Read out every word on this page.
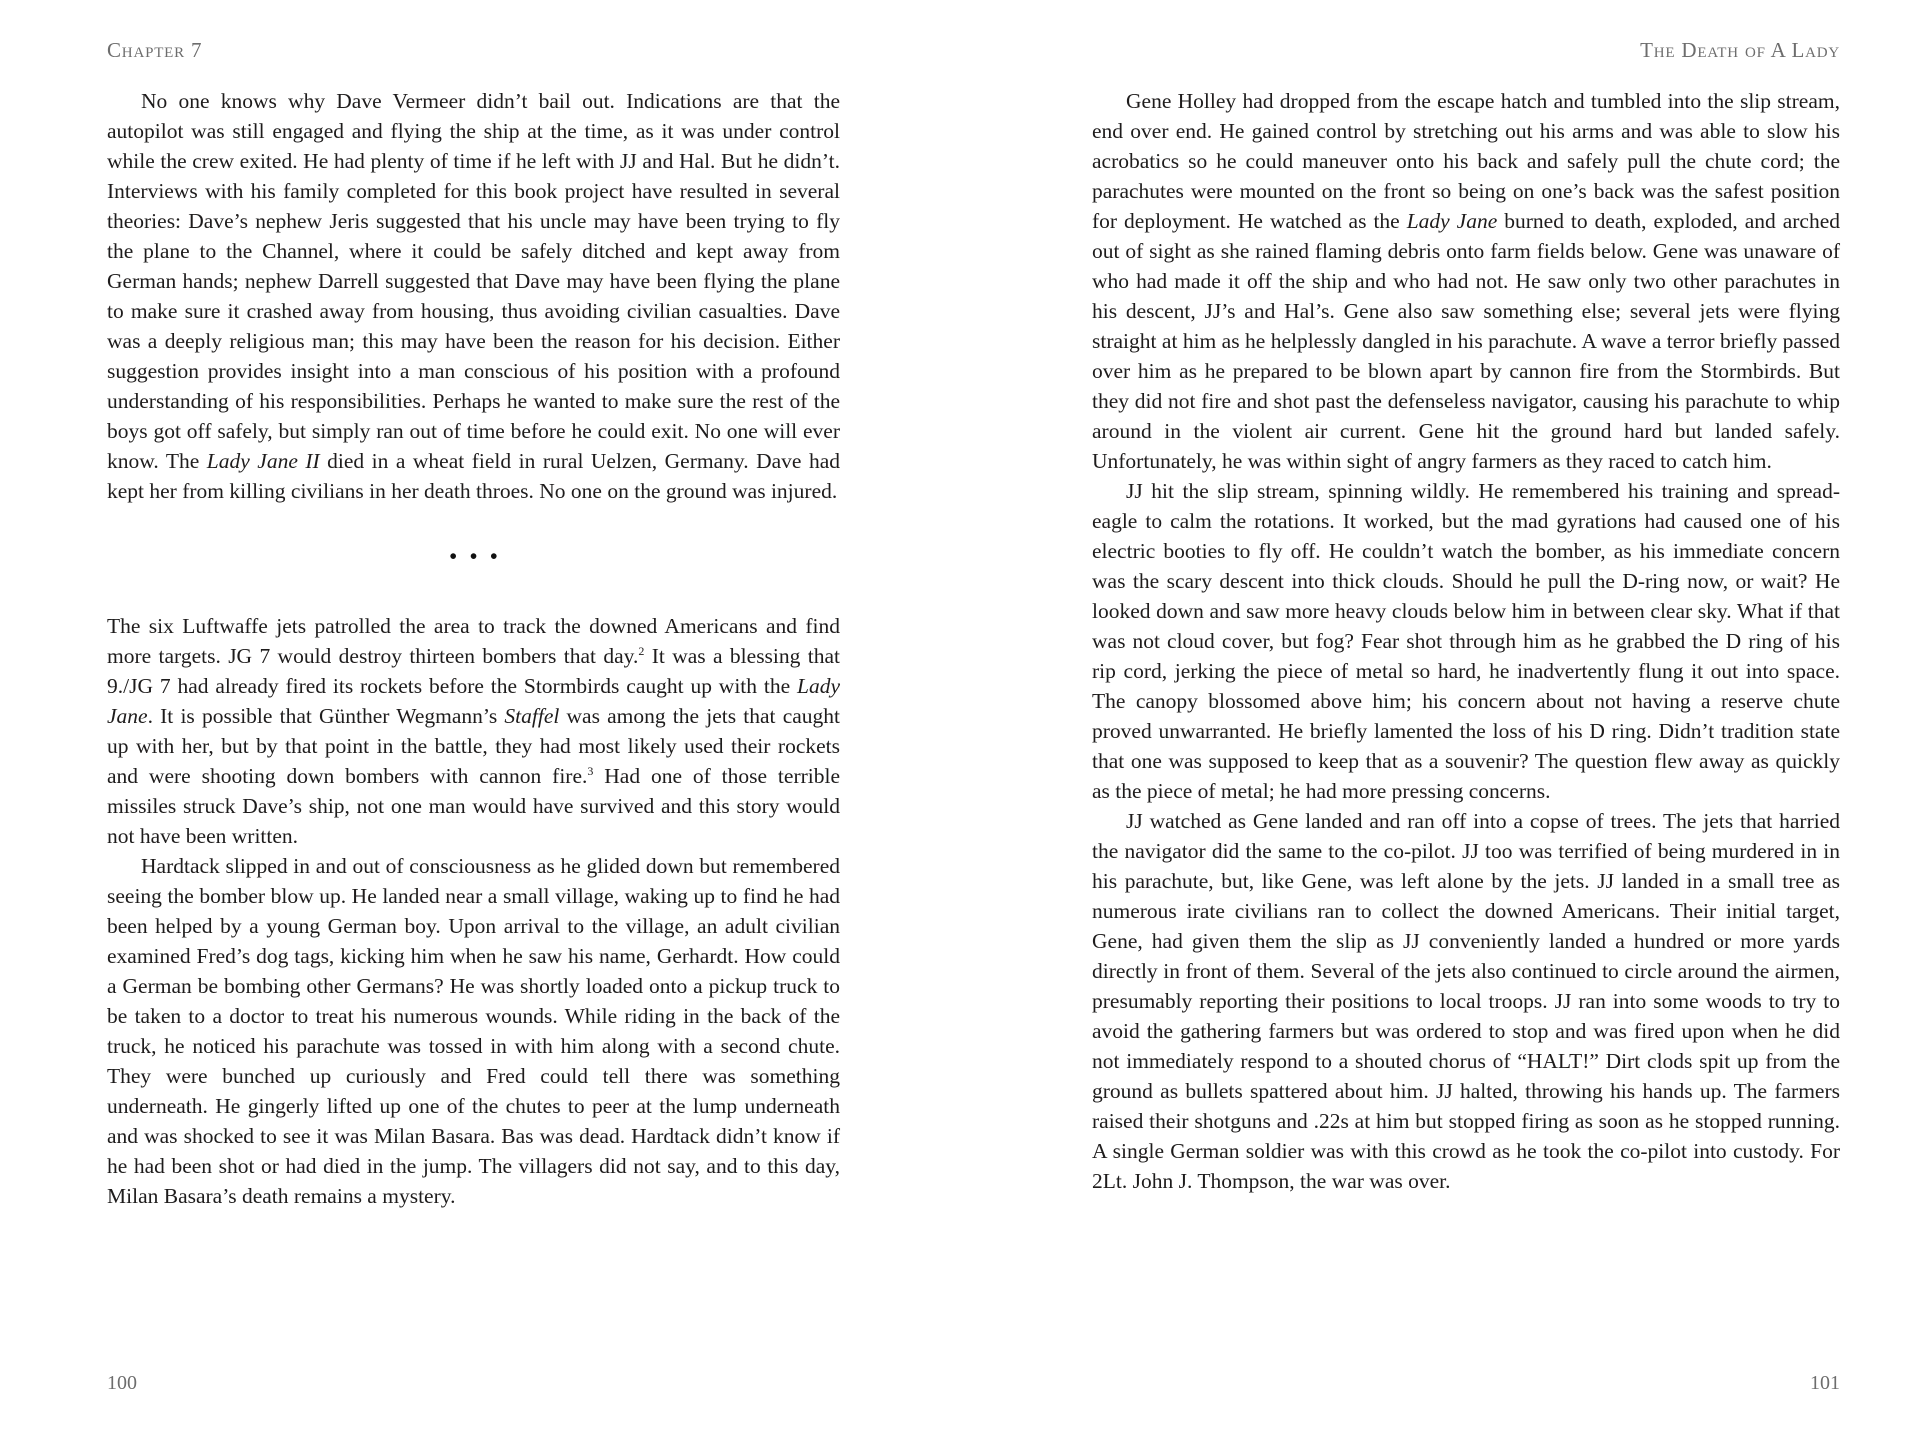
Chapter 7

No one knows why Dave Vermeer didn’t bail out. Indications are that the autopilot was still engaged and flying the ship at the time, as it was under control while the crew exited. He had plenty of time if he left with JJ and Hal. But he didn’t. Interviews with his family completed for this book project have resulted in several theories: Dave’s nephew Jeris suggested that his uncle may have been trying to fly the plane to the Channel, where it could be safely ditched and kept away from German hands; nephew Darrell suggested that Dave may have been flying the plane to make sure it crashed away from housing, thus avoiding civilian casualties. Dave was a deeply religious man; this may have been the reason for his decision. Either suggestion provides insight into a man conscious of his position with a profound understanding of his responsibilities. Perhaps he wanted to make sure the rest of the boys got off safely, but simply ran out of time before he could exit. No one will ever know. The Lady Jane II died in a wheat field in rural Uelzen, Germany. Dave had kept her from killing civilians in her death throes. No one on the ground was injured.

•••

The six Luftwaffe jets patrolled the area to track the downed Americans and find more targets. JG 7 would destroy thirteen bombers that day.$^2$ It was a blessing that 9./JG 7 had already fired its rockets before the Stormbirds caught up with the Lady Jane. It is possible that Günther Wegmann’s Staffel was among the jets that caught up with her, but by that point in the battle, they had most likely used their rockets and were shooting down bombers with cannon fire.$^3$ Had one of those terrible missiles struck Dave’s ship, not one man would have survived and this story would not have been written.

Hardtack slipped in and out of consciousness as he glided down but remembered seeing the bomber blow up. He landed near a small village, waking up to find he had been helped by a young German boy. Upon arrival to the village, an adult civilian examined Fred’s dog tags, kicking him when he saw his name, Gerhardt. How could a German be bombing other Germans? He was shortly loaded onto a pickup truck to be taken to a doctor to treat his numerous wounds. While riding in the back of the truck, he noticed his parachute was tossed in with him along with a second chute. They were bunched up curiously and Fred could tell there was something underneath. He gingerly lifted up one of the chutes to peer at the lump underneath and was shocked to see it was Milan Basara. Bas was dead. Hardtack didn’t know if he had been shot or had died in the jump. The villagers did not say, and to this day, Milan Basara’s death remains a mystery.

100
The Death of A Lady

Gene Holley had dropped from the escape hatch and tumbled into the slip stream, end over end. He gained control by stretching out his arms and was able to slow his acrobatics so he could maneuver onto his back and safely pull the chute cord; the parachutes were mounted on the front so being on one’s back was the safest position for deployment. He watched as the Lady Jane burned to death, exploded, and arched out of sight as she rained flaming debris onto farm fields below. Gene was unaware of who had made it off the ship and who had not. He saw only two other parachutes in his descent, JJ’s and Hal’s. Gene also saw something else; several jets were flying straight at him as he helplessly dangled in his parachute. A wave a terror briefly passed over him as he prepared to be blown apart by cannon fire from the Stormbirds. But they did not fire and shot past the defenseless navigator, causing his parachute to whip around in the violent air current. Gene hit the ground hard but landed safely. Unfortunately, he was within sight of angry farmers as they raced to catch him.

JJ hit the slip stream, spinning wildly. He remembered his training and spread-eagle to calm the rotations. It worked, but the mad gyrations had caused one of his electric booties to fly off. He couldn’t watch the bomber, as his immediate concern was the scary descent into thick clouds. Should he pull the D-ring now, or wait? He looked down and saw more heavy clouds below him in between clear sky. What if that was not cloud cover, but fog? Fear shot through him as he grabbed the D ring of his rip cord, jerking the piece of metal so hard, he inadvertently flung it out into space. The canopy blossomed above him; his concern about not having a reserve chute proved unwarranted. He briefly lamented the loss of his D ring. Didn’t tradition state that one was supposed to keep that as a souvenir? The question flew away as quickly as the piece of metal; he had more pressing concerns.

JJ watched as Gene landed and ran off into a copse of trees. The jets that harried the navigator did the same to the co-pilot. JJ too was terrified of being murdered in in his parachute, but, like Gene, was left alone by the jets. JJ landed in a small tree as numerous irate civilians ran to collect the downed Americans. Their initial target, Gene, had given them the slip as JJ conveniently landed a hundred or more yards directly in front of them. Several of the jets also continued to circle around the airmen, presumably reporting their positions to local troops. JJ ran into some woods to try to avoid the gathering farmers but was ordered to stop and was fired upon when he did not immediately respond to a shouted chorus of “HALT!” Dirt clods spit up from the ground as bullets spattered about him. JJ halted, throwing his hands up. The farmers raised their shotguns and .22s at him but stopped firing as soon as he stopped running. A single German soldier was with this crowd as he took the co-pilot into custody. For 2Lt. John J. Thompson, the war was over.

101
